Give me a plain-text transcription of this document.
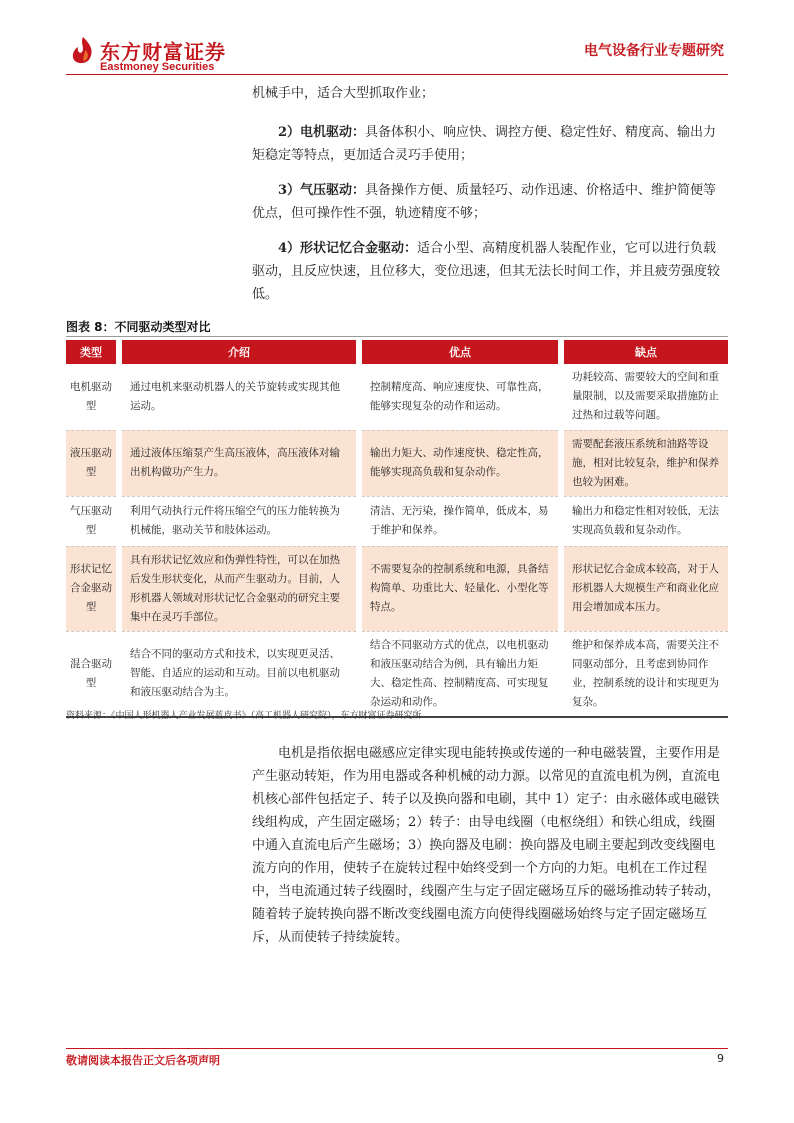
东方财富证券
Eastmoney Securities
电气设备行业专题研究
机械手中，适合大型抓取作业；
2）电机驱动：具备体积小、响应快、调控方便、稳定性好、精度高、输出力矩稳定等特点，更加适合灵巧手使用；
3）气压驱动：具备操作方便、质量轻巧、动作迅速、价格适中、维护简便等优点，但可操作性不强，轨迹精度不够；
4）形状记忆合金驱动：适合小型、高精度机器人装配作业，它可以进行负载驱动，且反应快速，且位移大，变位迅速，但其无法长时间工作，并且疲劳强度较低。
图表 8：不同驱动类型对比
类型		介绍		优点		缺点
电机驱动型		通过电机来驱动机器人的关节旋转或实现其他运动。		控制精度高、响应速度快、可靠性高，能够实现复杂的动作和运动。		功耗较高、需要较大的空间和重量限制，以及需要采取措施防止过热和过载等问题。
液压驱动型		通过液体压缩泵产生高压液体，高压液体对输出机构做功产生力。		输出力矩大、动作速度快、稳定性高，能够实现高负载和复杂动作。		需要配套液压系统和油路等设施，相对比较复杂，维护和保养也较为困难。
气压驱动型		利用气动执行元件将压缩空气的压力能转换为机械能，驱动关节和肢体运动。		清洁、无污染，操作简单，低成本，易于维护和保养。		输出力和稳定性相对较低，无法实现高负载和复杂动作。
形状记忆合金驱动型		具有形状记忆效应和伪弹性特性，可以在加热后发生形状变化，从而产生驱动力。目前，人形机器人领域对形状记忆合金驱动的研究主要集中在灵巧手部位。		不需要复杂的控制系统和电源，具备结构简单、功重比大、轻量化、小型化等特点。		形状记忆合金成本较高，对于人形机器人大规模生产和商业化应用会增加成本压力。
混合驱动型		结合不同的驱动方式和技术，以实现更灵活、智能、自适应的运动和互动。目前以电机驱动和液压驱动结合为主。		结合不同驱动方式的优点，以电机驱动和液压驱动结合为例，具有输出力矩大、稳定性高、控制精度高、可实现复杂运动和动作。		维护和保养成本高，需要关注不同驱动部分，且考虑到协同作业，控制系统的设计和实现更为复杂。
资料来源：《中国人形机器人产业发展蓝皮书》（高工机器人研究院），东方财富证券研究所
电机是指依据电磁感应定律实现电能转换或传递的一种电磁装置，主要作用是产生驱动转矩，作为用电器或各种机械的动力源。以常见的直流电机为例，直流电机核心部件包括定子、转子以及换向器和电刷，其中 1）定子：由永磁体或电磁铁线组构成，产生固定磁场；2）转子：由导电线圈（电枢绕组）和铁心组成，线圈中通入直流电后产生磁场；3）换向器及电刷：换向器及电刷主要起到改变线圈电流方向的作用，使转子在旋转过程中始终受到一个方向的力矩。电机在工作过程中，当电流通过转子线圈时，线圈产生与定子固定磁场互斥的磁场推动转子转动，随着转子旋转换向器不断改变线圈电流方向使得线圈磁场始终与定子固定磁场互斥，从而使转子持续旋转。
敬请阅读本报告正文后各项声明	9
